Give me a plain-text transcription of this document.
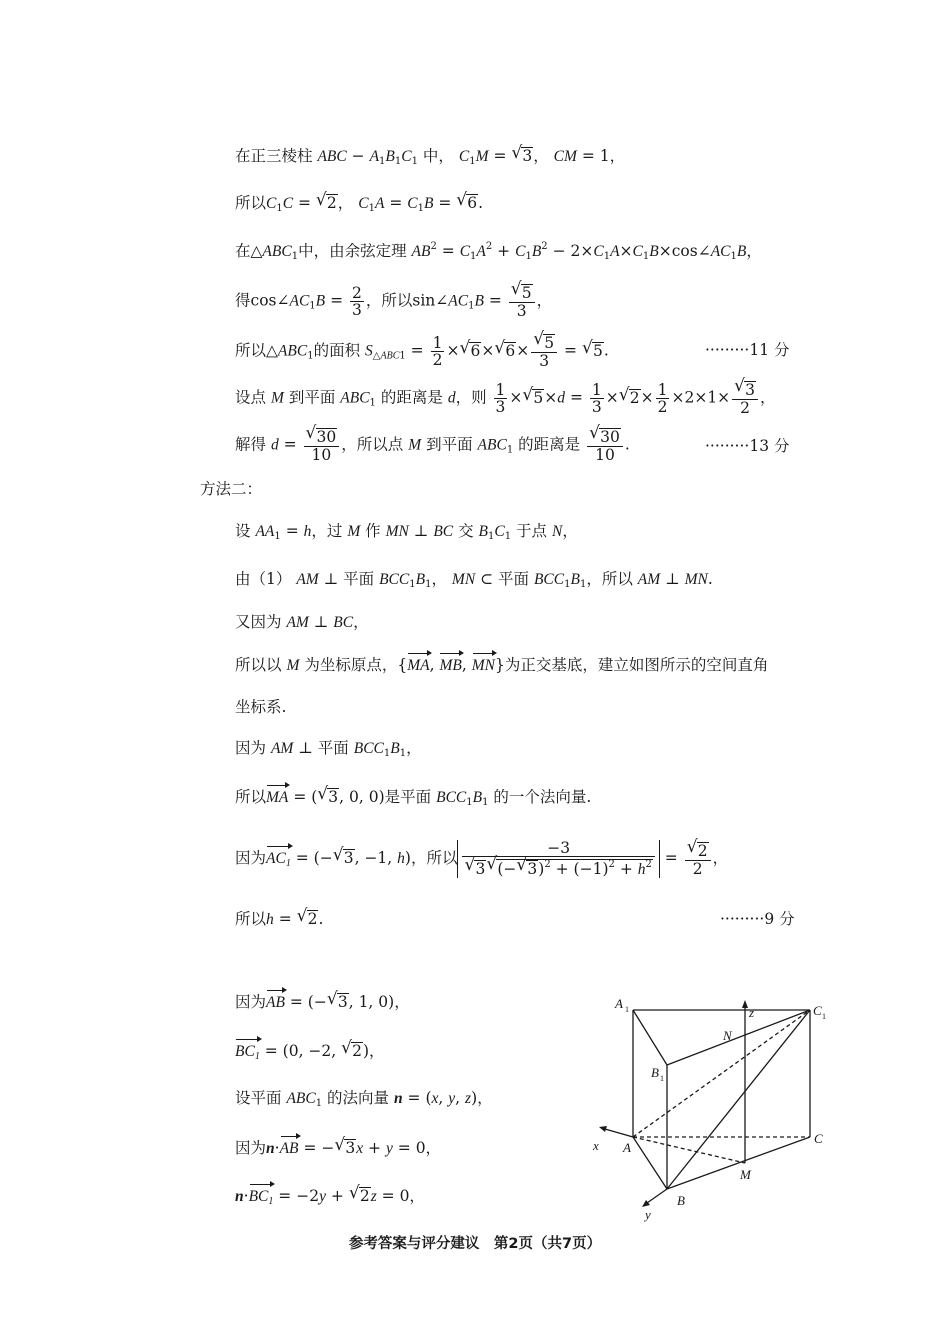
在正三棱柱 ABC − $A_1B_1C_1$ 中， $C_1M$ = √ 3， CM = 1，
所以$C_1C$ = √ 2， $C_1A = C_1B$ = √ 6.
在$\triangle ABC_1$中，由余弦定理 $AB^2 = C_1A^2 + C_1B^2$ − $2\times C_1A\times C_1B\times\cos\angle AC_1B$，
得$\cos\angle AC_1B = \frac{2}{3}$ ，所以$\sin\angle AC_1B$ = √ $\frac{5}{3}$ ，
所以$\triangle ABC_1$的面积 $S_{\triangle ABC1} = \frac{1}{2}$ × √ 6× √ 6× √ $\frac{5}{3}$ = √ 5.	·········11 分
设点 M 到平面 $ABC_1$ 的距离是 d，则 $\frac{1}{3}$ × √ $5\times d = \frac{1}{3}$ × √ $2\times \frac{1}{2} \times 2\times 1\times$ √ $\frac{3}{2}$ ，
解得 d = √ $\frac{30}{10}$ ，所以点 M 到平面 $ABC_1$ 的距离是 √ $\frac{30}{10}$ .	·········13 分
方法二：
设 $AA_1 = h$，过 M 作 MN ⊥ BC 交 $B_1C_1$ 于点 N，
由（1） AM ⊥ 平面 $BCC_1B_1$， MN ⊂ 平面 $BCC_1B_1$，所以 AM ⊥ MN.
又因为 AM ⊥ BC，
所以以 M 为坐标原点，{MA, MB, MN}为正交基底，建立如图所示的空间直角
坐标系.
因为 AM ⊥ 平面 $BCC_1B_1$，
所以MA = ( √ 3, 0, 0)是平面 $BCC_1B_1$ 的一个法向量.
因为$AC_1$ = (− √ 3, −1, h)，所以 −3
√ 3 √ (− √ $3)^2 + (-1)^2 + h^2$ = √ $\frac{2}{2}$ ，
所以h = √ 2.	·········9 分
因为AB = (− √ 3, 1, 0)，
$BC_1 = (0$, −2, √ 2)，
设平面 $ABC_1$ 的法向量 n = (x, y, z)，
因为n·AB = − √ 3x + y = 0，
$n\cdot BC_1 = -2y$ + √ 2z = 0，
A 1	C 1
N
z
B 1
x A
C
M
B
y
参考答案与评分建议　第2页（共7页）
